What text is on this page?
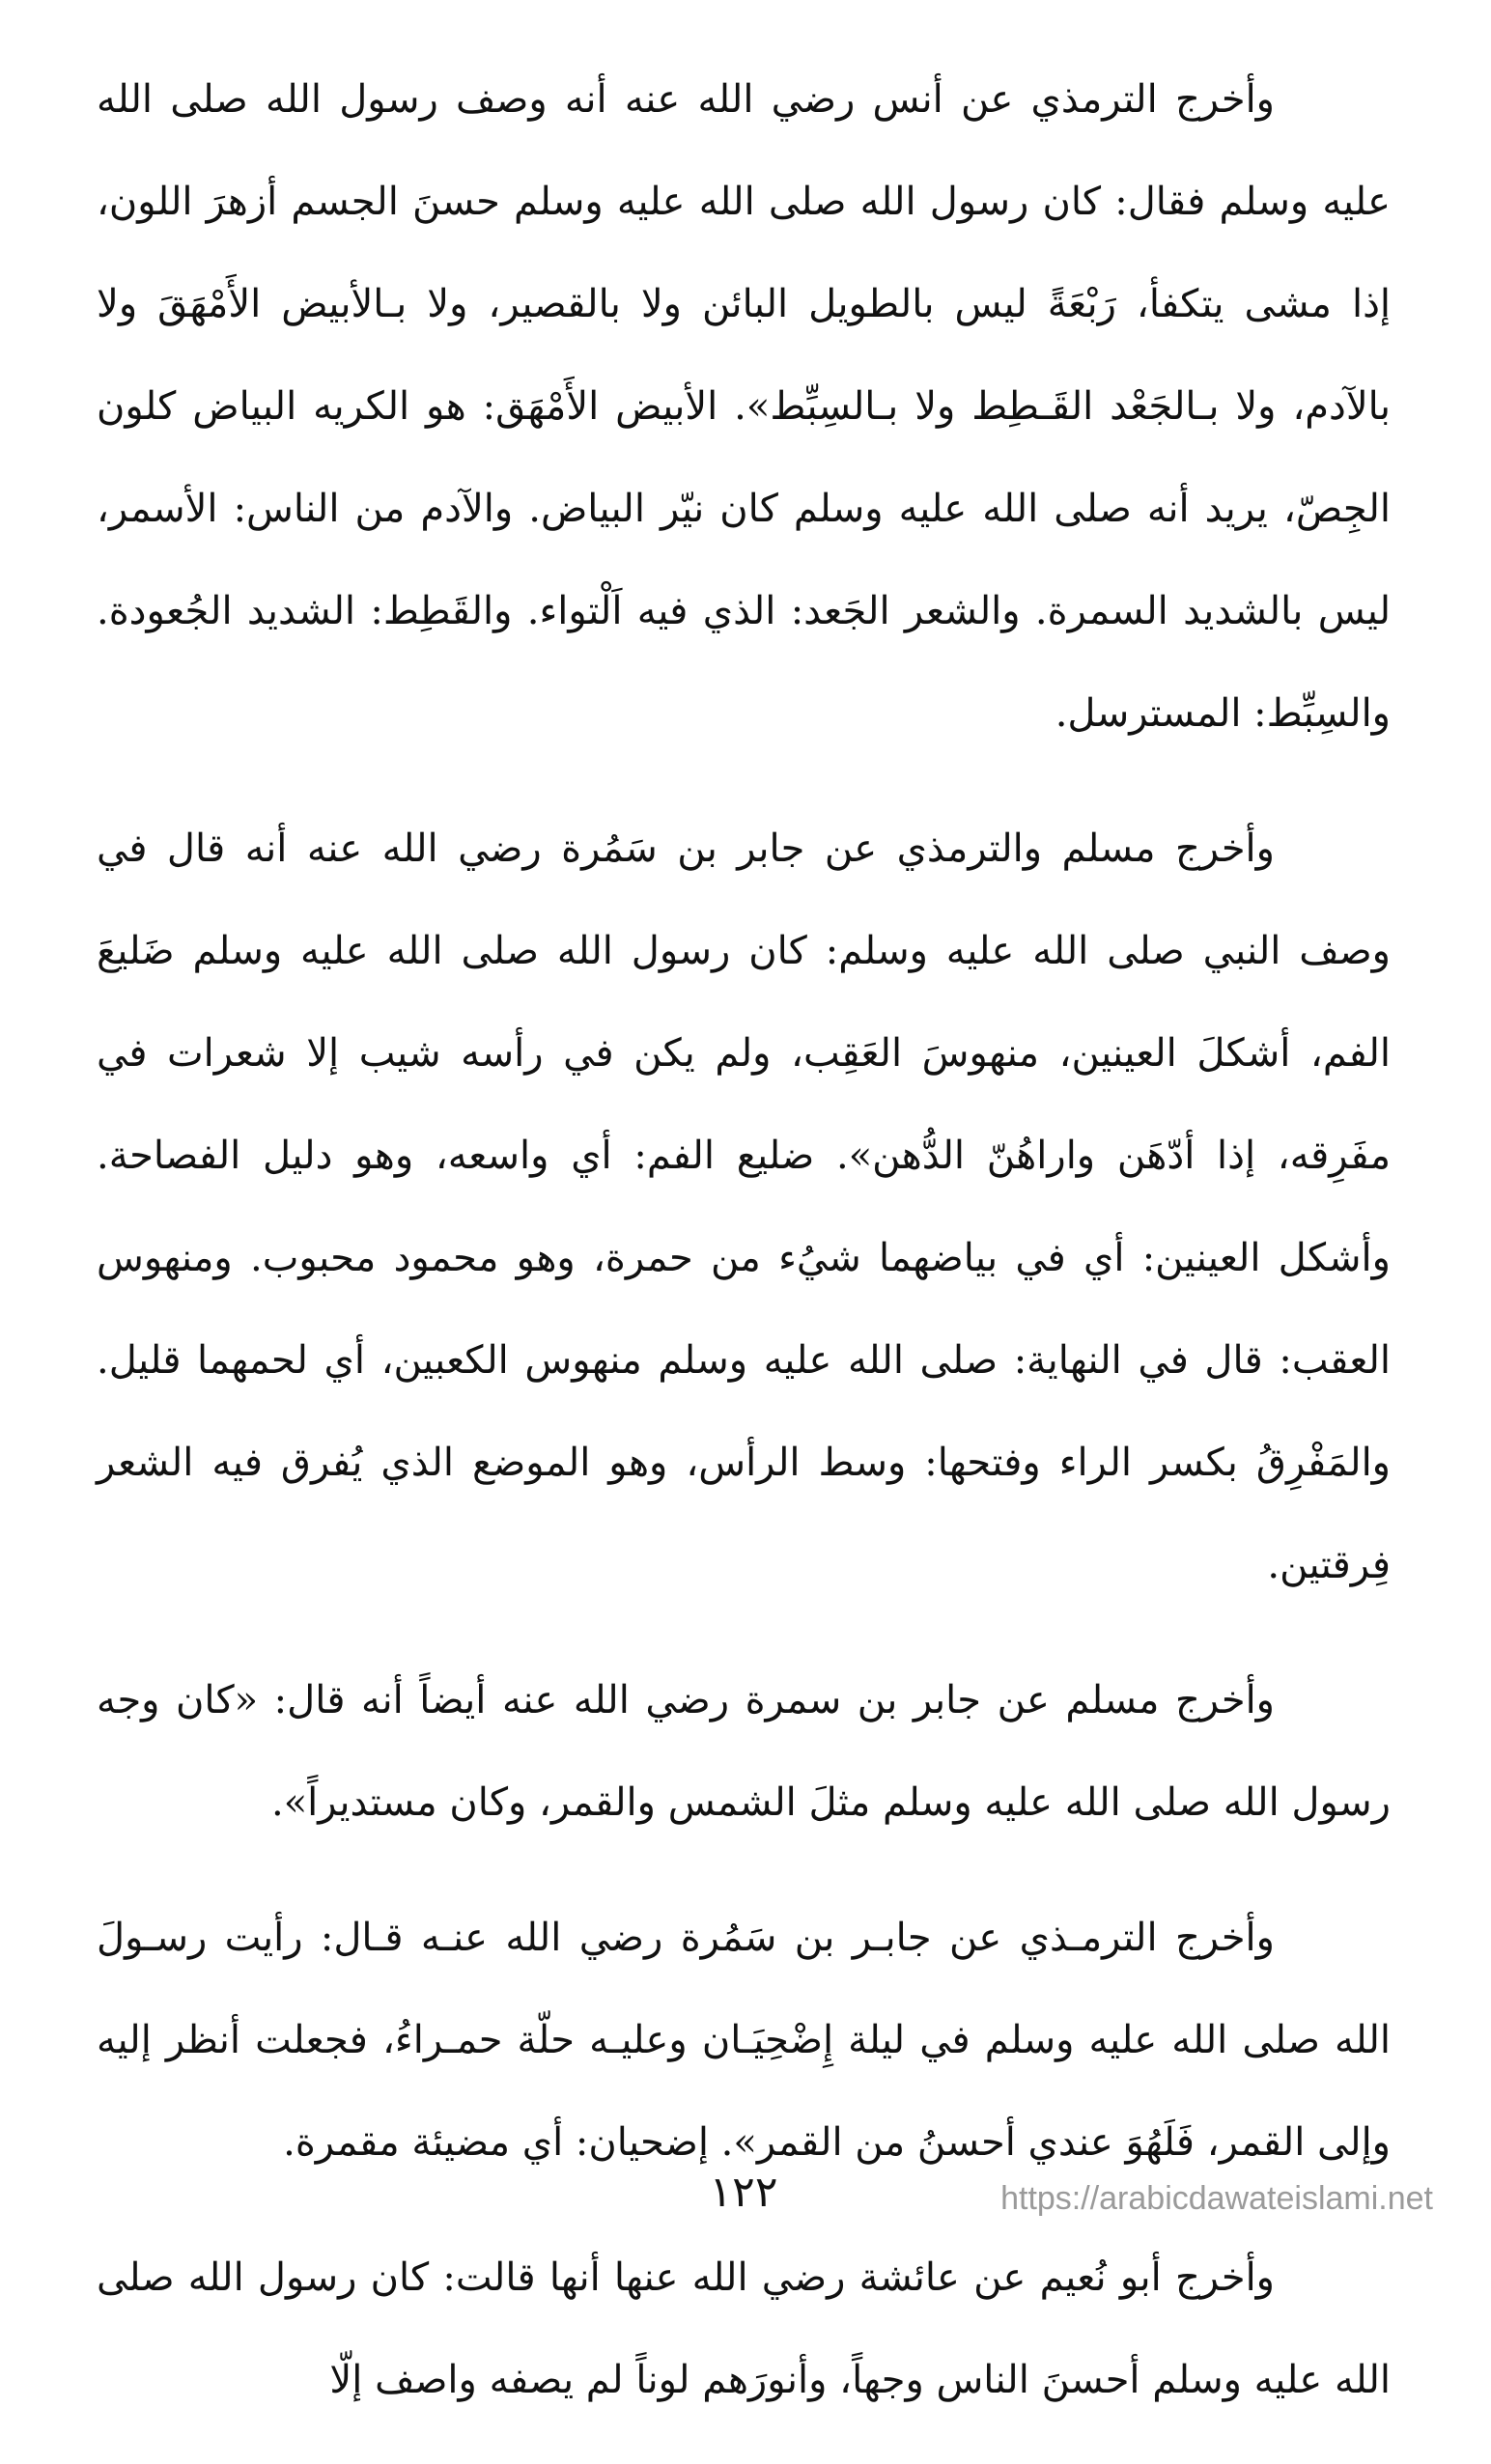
وأخرج الترمذي عن أنس رضي الله عنه أنه وصف رسول الله صلى الله عليه وسلم فقال: كان رسول الله صلى الله عليه وسلم حسنَ الجسم أزهرَ اللون، إذا مشى يتكفأ، رَبْعَةً ليس بالطويل البائن ولا بالقصير، ولا بـالأبيض الأَمْهَقَ ولا بالآدم، ولا بـالجَعْد القَـطِط ولا بـالسِبِّط». الأبيض الأَمْهَق: هو الكريه البياض كلون الجِصّ، يريد أنه صلى الله عليه وسلم كان نيّر البياض. والآدم من الناس: الأسمر، ليس بالشديد السمرة. والشعر الجَعد: الذي فيه اَلْتواء. والقَطِط: الشديد الجُعودة. والسِبِّط: المسترسل.

وأخرج مسلم والترمذي عن جابر بن سَمُرة رضي الله عنه أنه قال في وصف النبي صلى الله عليه وسلم: كان رسول الله صلى الله عليه وسلم ضَليعَ الفم، أشكلَ العينين، منهوسَ العَقِب، ولم يكن في رأسه شيب إلا شعرات في مفَرِقه، إذا أدّهَن واراهُنّ الدُّهن». ضليع الفم: أي واسعه، وهو دليل الفصاحة. وأشكل العينين: أي في بياضهما شيُء من حمرة، وهو محمود محبوب. ومنهوس العقب: قال في النهاية: صلى الله عليه وسلم منهوس الكعبين، أي لحمهما قليل. والمَفْرِقُ بكسر الراء وفتحها: وسط الرأس، وهو الموضع الذي يُفرق فيه الشعر فِرقتين.

وأخرج مسلم عن جابر بن سمرة رضي الله عنه أيضاً أنه قال: «كان وجه رسول الله صلى الله عليه وسلم مثلَ الشمس والقمر، وكان مستديراً».

وأخرج الترمـذي عن جابـر بن سَمُرة رضي الله عنـه قـال: رأيت رسـولَ الله صلى الله عليه وسلم في ليلة إِضْحِيَـان وعليـه حلّة حمـراءُ، فجعلت أنظر إليه وإلى القمر، فَلَهُوَ عندي أحسنُ من القمر». إضحيان: أي مضيئة مقمرة.

وأخرج أبو نُعيم عن عائشة رضي الله عنها أنها قالت: كان رسول الله صلى الله عليه وسلم أحسنَ الناس وجهاً، وأنورَهم لوناً لم يصفه واصف إلّا

١٢٢	https://arabicdawateislami.net
